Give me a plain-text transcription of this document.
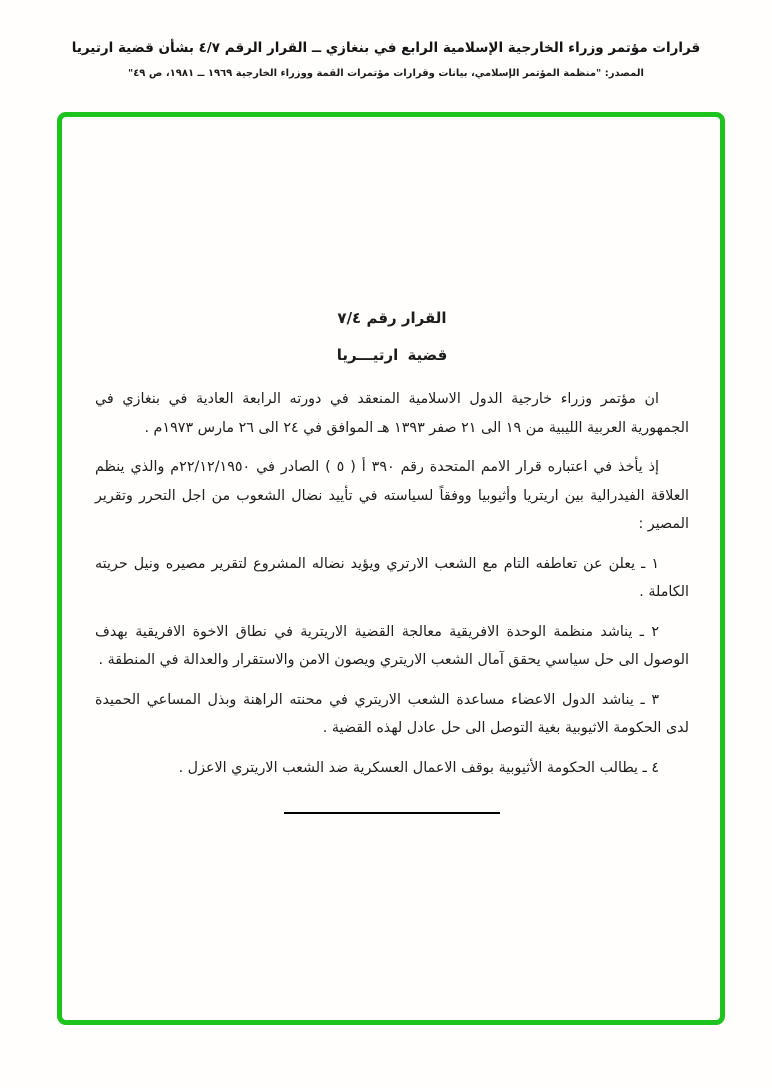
قرارات مؤتمر وزراء الخارجية الإسلامية الرابع في بنغازي ــ القرار الرقم ٤/٧ بشأن قضية ارتيريا
المصدر: "منظمة المؤتمر الإسلامي، بيانات وقرارات مؤتمرات القمة ووزراء الخارجية ١٩٦٩ ــ ١٩٨١، ص ٤٩"
القرار رقم ٧/٤
قضية ارتيـــريا

ان مؤتمر وزراء خارجية الدول الاسلامية المنعقد في دورته الرابعة العادية في بنغازي في الجمهورية العربية الليبية من ١٩ الى ٢١ صفر ١٣٩٣ هـ الموافق في ٢٤ الى ٢٦ مارس ١٩٧٣م .

إذ يأخذ في اعتباره قرار الامم المتحدة رقم ٣٩٠ أ ( ٥ ) الصادر في ٢٢/١٢/١٩٥٠م والذي ينظم العلاقة الفيدرالية بين اريتريا وأثيوبيا ووفقاً لسياسته في تأييد نضال الشعوب من اجل التحرر وتقرير المصير :

١ ـ يعلن عن تعاطفه التام مع الشعب الارتري ويؤيد نضاله المشروع لتقرير مصيره ونيل حريته الكاملة .

٢ ـ يناشد منظمة الوحدة الافريقية معالجة القضية الاريترية في نطاق الاخوة الافريقية بهدف الوصول الى حل سياسي يحقق آمال الشعب الاريتري ويصون الامن والاستقرار والعدالة في المنطقة .

٣ ـ يناشد الدول الاعضاء مساعدة الشعب الاريتري في محنته الراهنة وبذل المساعي الحميدة لدى الحكومة الاثيوبية بغية التوصل الى حل عادل لهذه القضية .

٤ ـ يطالب الحكومة الأثيوبية بوقف الاعمال العسكرية ضد الشعب الاريتري الاعزل .
